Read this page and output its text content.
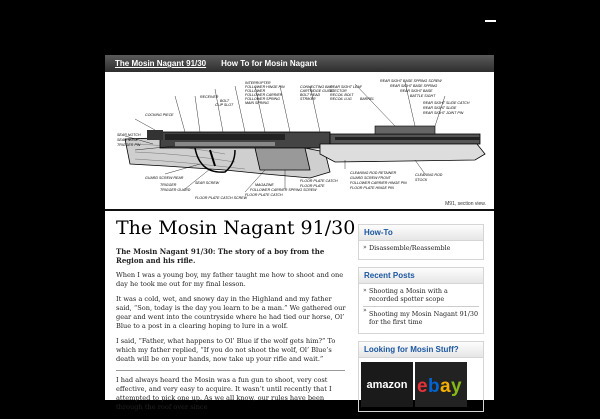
The Mosin Nagant 91/30 How To for Mosin Nagant
REAR SIGHT BASE SPRING SCREW
REAR SIGHT BASE SPRING
REAR SIGHT BASE
BATTLE SIGHT
REAR SIGHT SLIDE CATCH
REAR SIGHT SLIDE
REAR SIGHT JOINT PIN
INTERRUPTER
FOLLOWER HINGE PIN
FOLLOWER
FOLLOWER CARRIER
FOLLOWER SPRING
MAIN SPRING
CONNECTING BAR
CARTRIDGE GUIDE
BOLT HEAD
STRIKER
REAR SIGHT LEAF
EJECTOR
RECOIL BOLT
RECOIL LUG BARREL
RECEIVER
BOLT
CLIP SLOT
COCKING PIECE
SEAR NOTCH
SEAR NOSE
TRIGGER PIN
SEAR SCREW
GUARD SCREW REAR
TRIGGER
TRIGGER GUARD
FLOOR PLATE CATCH SCREW
MAGAZINE
FOLLOWER CARRIER SPRING SCREW
FLOOR PLATE CATCH
FLOOR PLATE
FLOOR PLATE CATCH
CLEANING ROD RETAINER
GUARD SCREW FRONT
FOLLOWER CARRIER HINGE PIN
FLOOR PLATE HINGE PIN
CLEANING ROD
STOCK
M91, section view.
The Mosin Nagant 91/30

The Mosin Nagant 91/30: The story of a boy from the Region and his rifle.

When I was a young boy, my father taught me how to shoot and one day he took me out for my final lesson.

It was a cold, wet, and snowy day in the Highland and my father said, “Son, today is the day you learn to be a man.” We gathered our gear and went into the countryside where he had tied our horse, Ol’ Blue to a post in a clearing hoping to lure in a wolf.

I said, “Father, what happens to Ol’ Blue if the wolf gets him?” To which my father replied, “If you do not shoot the wolf, Ol’ Blue’s death will be on your hands, now take up your rifle and wait.”

I had always heard the Mosin was a fun gun to shoot, very cost effective, and very easy to acquire. It wasn’t until recently that I attempted to pick one up. As we all know, our rules have been through the roof over since

How-To
» Disassemble/Reassemble
Recent Posts
» Shooting a Mosin with a recorded spotter scope
» Shooting my Mosin Nagant 91/30 for the first time
Looking for Mosin Stuff?
amazon e b a y
